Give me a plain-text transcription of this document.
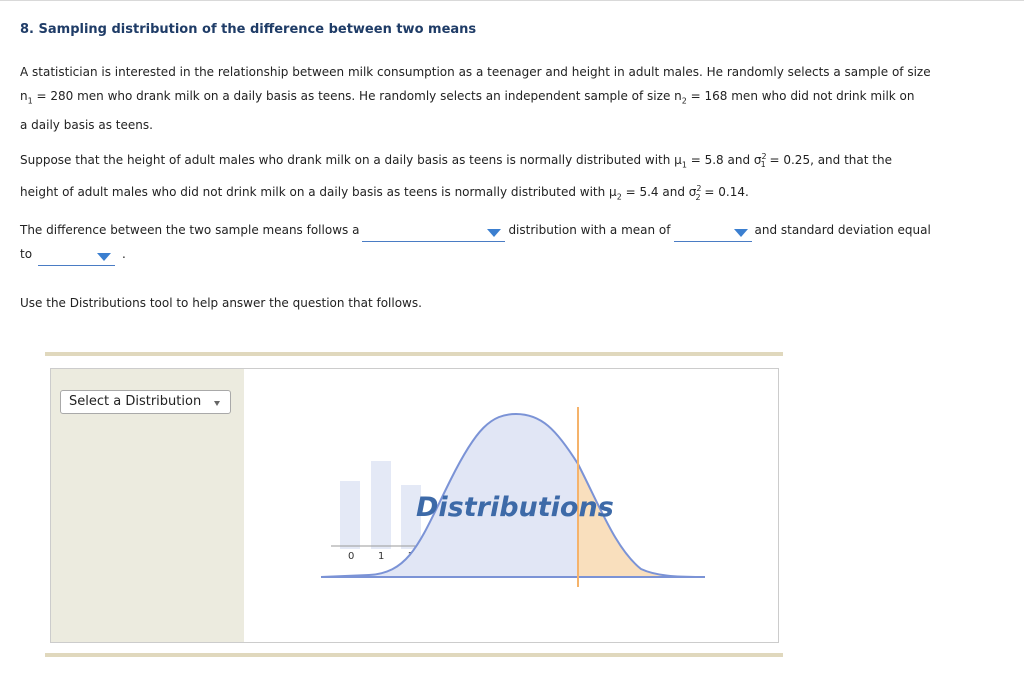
8. Sampling distribution of the difference between two means
A statistician is interested in the relationship between milk consumption as a teenager and height in adult males. He randomly selects a sample of size
$n_1 = 280$ men who drank milk on a daily basis as teens. He randomly selects an independent sample of size $n_2 = 168$ men who did not drink milk on
a daily basis as teens.
Suppose that the height of adult males who drank milk on a daily basis as teens is normally distributed with $\mu_1 = 5.8$ and $\sigma^2_1 = 0.25$, and that the
height of adult males who did not drink milk on a daily basis as teens is normally distributed with $\mu_2 = 5.4$ and $\sigma^2_2 = 0.14$.
The difference between the two sample means follows a	distribution with a mean of	and standard deviation equal
to	.
Use the Distributions tool to help answer the question that follows.
Select a Distribution
0 1
Distributions
